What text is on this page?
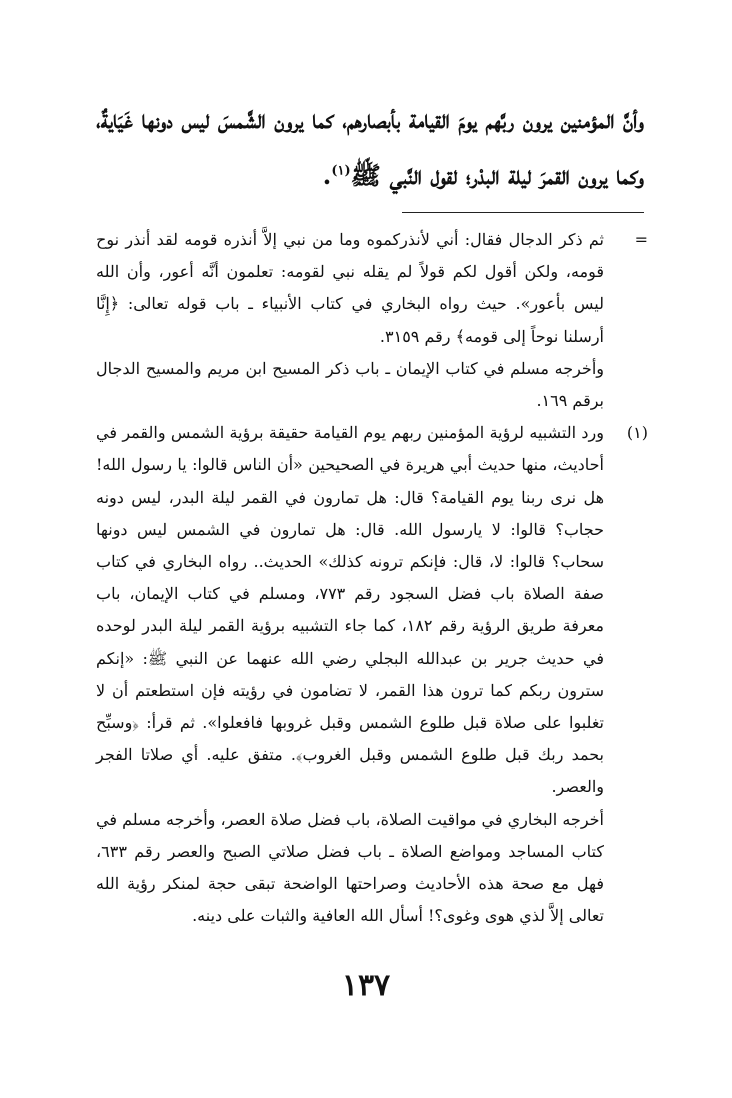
وأنَّ المؤمنين يرون ربَّهم يومَ القيامة بأبصارهم، كما يرون الشَّمسَ ليس دونها غَيَايةٌ، وكما يرون القمرَ ليلة البدْر؛ لقول النَّبي ﷺ$^{(١)}$.

=

ثم ذكر الدجال فقال: أني لأنذركموه وما من نبي إلاَّ أنذره قومه لقد أنذر نوح قومه، ولكن أقول لكم قولاً لم يقله نبي لقومه: تعلمون أنَّه أعور، وأن الله ليس بأعور». حيث رواه البخاري في كتاب الأنبياء ـ باب قوله تعالى: ﴿إِنَّا أرسلنا نوحاً إلى قومه﴾ رقم ٣١٥٩.

وأخرجه مسلم في كتاب الإيمان ـ باب ذكر المسيح ابن مريم والمسيح الدجال برقم ١٦٩.

(١)

ورد التشبيه لرؤية المؤمنين ربهم يوم القيامة حقيقة برؤية الشمس والقمر في أحاديث، منها حديث أبي هريرة في الصحيحين «أن الناس قالوا: يا رسول الله! هل نرى ربنا يوم القيامة؟ قال: هل تمارون في القمر ليلة البدر، ليس دونه حجاب؟ قالوا: لا يارسول الله. قال: هل تمارون في الشمس ليس دونها سحاب؟ قالوا: لا، قال: فإنكم ترونه كذلك» الحديث.. رواه البخاري في كتاب صفة الصلاة باب فضل السجود رقم ٧٧٣، ومسلم في كتاب الإيمان، باب معرفة طريق الرؤية رقم ١٨٢، كما جاء التشبيه برؤية القمر ليلة البدر لوحده في حديث جرير بن عبدالله البجلي رضي الله عنهما عن النبي ﷺ: «إنكم سترون ربكم كما ترون هذا القمر، لا تضامون في رؤيته فإن استطعتم أن لا تغلبوا على صلاة قبل طلوع الشمس وقبل غروبها فافعلوا». ثم قرأ: ﴿وسبِّح بحمد ربك قبل طلوع الشمس وقبل الغروب﴾. متفق عليه. أي صلاتا الفجر والعصر.

أخرجه البخاري في مواقيت الصلاة، باب فضل صلاة العصر، وأخرجه مسلم في كتاب المساجد ومواضع الصلاة ـ باب فضل صلاتي الصبح والعصر رقم ٦٣٣، فهل مع صحة هذه الأحاديث وصراحتها الواضحة تبقى حجة لمنكر رؤية الله تعالى إلاَّ لذي هوى وغوى؟! أسأل الله العافية والثبات على دينه.

١٣٧
